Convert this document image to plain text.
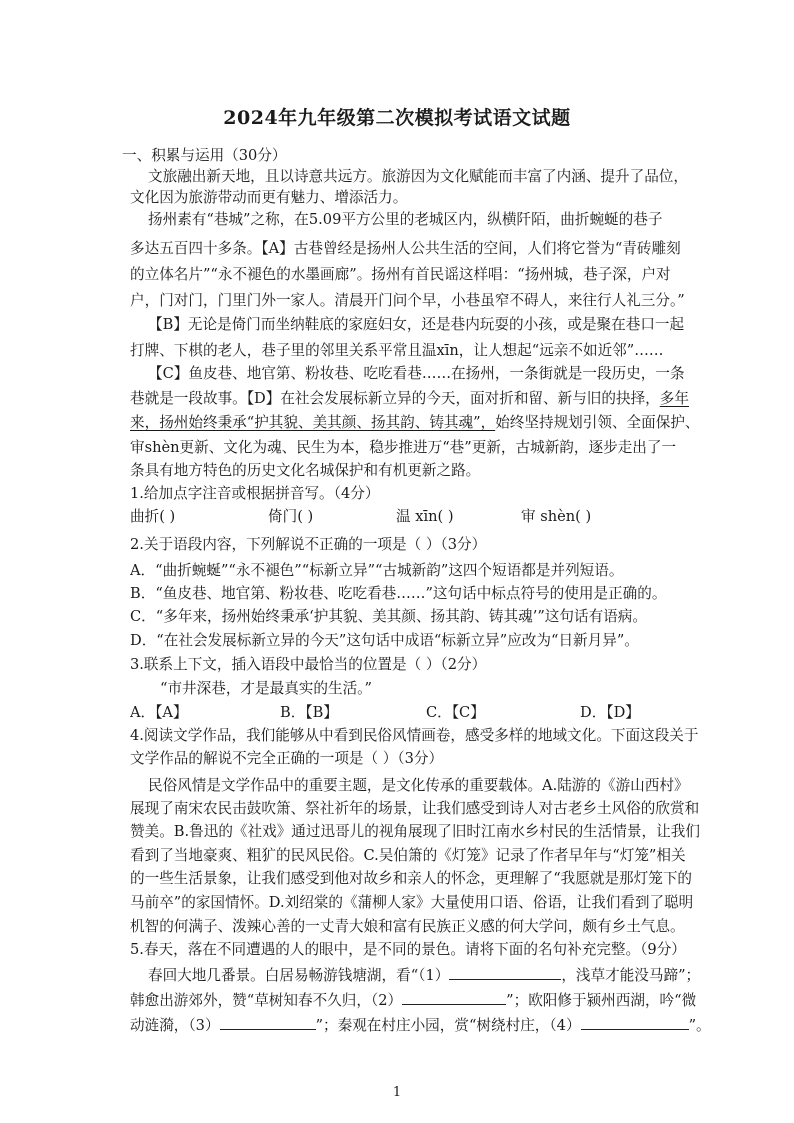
2024年九年级第二次模拟考试语文试题
一、积累与运用（30分）
文旅融出新天地，且以诗意共远方。旅游因为文化赋能而丰富了内涵、提升了品位，
文化因为旅游带动而更有魅力、增添活力。
扬州素有“巷城”之称，在5.09平方公里的老城区内，纵横阡陌，曲折蜿蜒的巷子
多达五百四十多条。【A】古巷曾经是扬州人公共生活的空间，人们将它誉为“青砖雕刻
的立体名片”“永不褪色的水墨画廊”。扬州有首民谣这样唱：“扬州城，巷子深，户对
户，门对门，门里门外一家人。清晨开门问个早，小巷虽窄不碍人，来往行人礼三分。”
【B】无论是倚门而坐纳鞋底的家庭妇女，还是巷内玩耍的小孩，或是聚在巷口一起
打牌、下棋的老人，巷子里的邻里关系平常且温xīn，让人想起“远亲不如近邻”……
【C】鱼皮巷、地官第、粉妆巷、吃吃看巷……在扬州，一条街就是一段历史，一条
巷就是一段故事。【D】在社会发展标新立异的今天，面对折和留、新与旧的抉择，多年
来，扬州始终秉承“护其貌、美其颜、扬其韵、铸其魂”，始终坚持规划引领、全面保护、
审shèn更新、文化为魂、民生为本，稳步推进万“巷”更新，古城新韵，逐步走出了一
条具有地方特色的历史文化名城保护和有机更新之路。
1.给加点字注音或根据拼音写。（4分）
曲折( )	倚门( )	温 xīn( )	审 shèn( )
2.关于语段内容，下列解说不正确的一项是（ ）（3分）
A．“曲折蜿蜒”“永不褪色”“标新立异”“古城新韵”这四个短语都是并列短语。
B．“鱼皮巷、地官第、粉妆巷、吃吃看巷……”这句话中标点符号的使用是正确的。
C．“多年来，扬州始终秉承‘护其貌、美其颜、扬其韵、铸其魂’”这句话有语病。
D．“在社会发展标新立异的今天”这句话中成语“标新立异”应改为“日新月异”。
3.联系上下文，插入语段中最恰当的位置是（ ）（2分）
“市井深巷，才是最真实的生活。”
A．【A】	B．【B】	C．【C】	D．【D】
4.阅读文学作品，我们能够从中看到民俗风情画卷，感受多样的地域文化。下面这段关于
文学作品的解说不完全正确的一项是（ ）（3分）
民俗风情是文学作品中的重要主题，是文化传承的重要载体。A.陆游的《游山西村》
展现了南宋农民击鼓吹箫、祭社祈年的场景，让我们感受到诗人对古老乡土风俗的欣赏和
赞美。B.鲁迅的《社戏》通过迅哥儿的视角展现了旧时江南水乡村民的生活情景，让我们
看到了当地豪爽、粗犷的民风民俗。C.吴伯箫的《灯笼》记录了作者早年与“灯笼”相关
的一些生活景象，让我们感受到他对故乡和亲人的怀念，更理解了“我愿就是那灯笼下的
马前卒”的家国情怀。D.刘绍棠的《蒲柳人家》大量使用口语、俗语，让我们看到了聪明
机智的何满子、泼辣心善的一丈青大娘和富有民族正义感的何大学问，颇有乡土气息。
5.春天，落在不同遭遇的人的眼中，是不同的景色。请将下面的名句补充完整。（9分）
春回大地几番景。白居易畅游钱塘湖，看“（1）	，浅草才能没马蹄”；
韩愈出游郊外，赞“草树知春不久归，（2）	”；欧阳修于颍州西湖，吟“微
动涟漪，（3）	”；秦观在村庄小园，赏“树绕村庄，（4）	”。
1
